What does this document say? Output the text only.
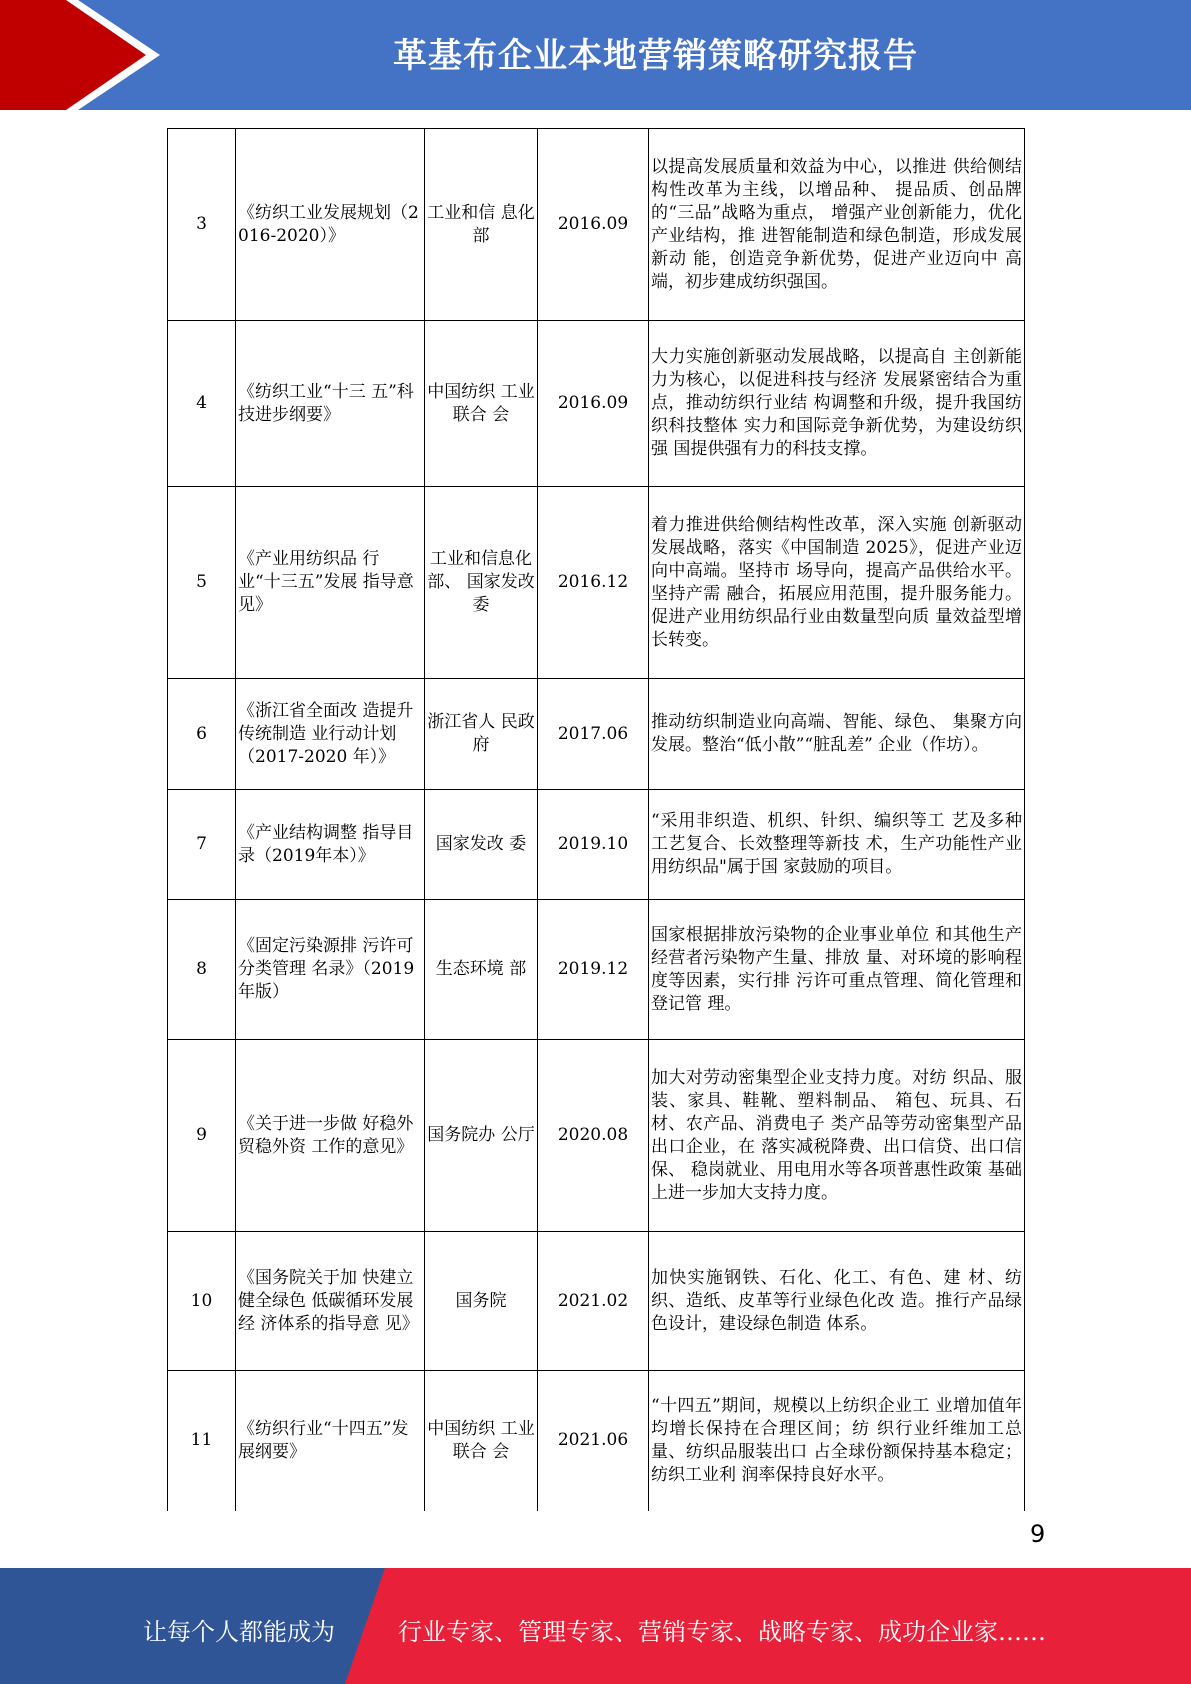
革基布企业本地营销策略研究报告
3	《纺织工业发展规划（2016-2020）》	工业和信 息化部	2016.09	以提高发展质量和效益为中心，以推进 供给侧结构性改革为主线，以增品种、 提品质、创品牌的“三品”战略为重点， 增强产业创新能力，优化产业结构，推 进智能制造和绿色制造，形成发展新动 能，创造竞争新优势，促进产业迈向中 高端，初步建成纺织强国。
4	《纺织工业“十三 五”科技进步纲要》	中国纺织 工业联合 会	2016.09	大力实施创新驱动发展战略，以提高自 主创新能力为核心，以促进科技与经济 发展紧密结合为重点，推动纺织行业结 构调整和升级，提升我国纺织科技整体 实力和国际竞争新优势，为建设纺织强 国提供强有力的科技支撑。
5	《产业用纺织品 行业“十三五”发展 指导意见》	工业和信息化部、 国家发改 委	2016.12	着力推进供给侧结构性改革，深入实施 创新驱动发展战略，落实《中国制造 2025》，促进产业迈向中高端。坚持市 场导向，提高产品供给水平。坚持产需 融合，拓展应用范围，提升服务能力。 促进产业用纺织品行业由数量型向质 量效益型增长转变。
6	《浙江省全面改 造提升传统制造 业行动计划（2017-2020 年）》	浙江省人 民政府	2017.06	推动纺织制造业向高端、智能、绿色、 集聚方向发展。整治“低小散”“脏乱差” 企业（作坊）。
7	《产业结构调整 指导目录（2019年本）》	国家发改 委	2019.10	“采用非织造、机织、针织、编织等工 艺及多种工艺复合、长效整理等新技 术，生产功能性产业用纺织品"属于国 家鼓励的项目。
8	《固定污染源排 污许可分类管理 名录》（2019 年版）	生态环境 部	2019.12	国家根据排放污染物的企业事业单位 和其他生产经营者污染物产生量、排放 量、对环境的影响程度等因素，实行排 污许可重点管理、简化管理和登记管 理。
9	《关于进一步做 好稳外贸稳外资 工作的意见》	国务院办 公厅	2020.08	加大对劳动密集型企业支持力度。对纺 织品、服装、家具、鞋靴、塑料制品、 箱包、玩具、石材、农产品、消费电子 类产品等劳动密集型产品出口企业，在 落实减税降费、出口信贷、出口信保、 稳岗就业、用电用水等各项普惠性政策 基础上进一步加大支持力度。
10	《国务院关于加 快建立健全绿色 低碳循环发展经 济体系的指导意 见》	国务院	2021.02	加快实施钢铁、石化、化工、有色、建 材、纺织、造纸、皮革等行业绿色化改 造。推行产品绿色设计，建设绿色制造 体系。
11	《纺织行业“十四五”发展纲要》	中国纺织 工业联合 会	2021.06	“十四五”期间，规模以上纺织企业工 业增加值年均增长保持在合理区间；纺 织行业纤维加工总量、纺织品服装出口 占全球份额保持基本稳定；纺织工业利 润率保持良好水平。
9
让每个人都能成为	行业专家、管理专家、营销专家、战略专家、成功企业家……
